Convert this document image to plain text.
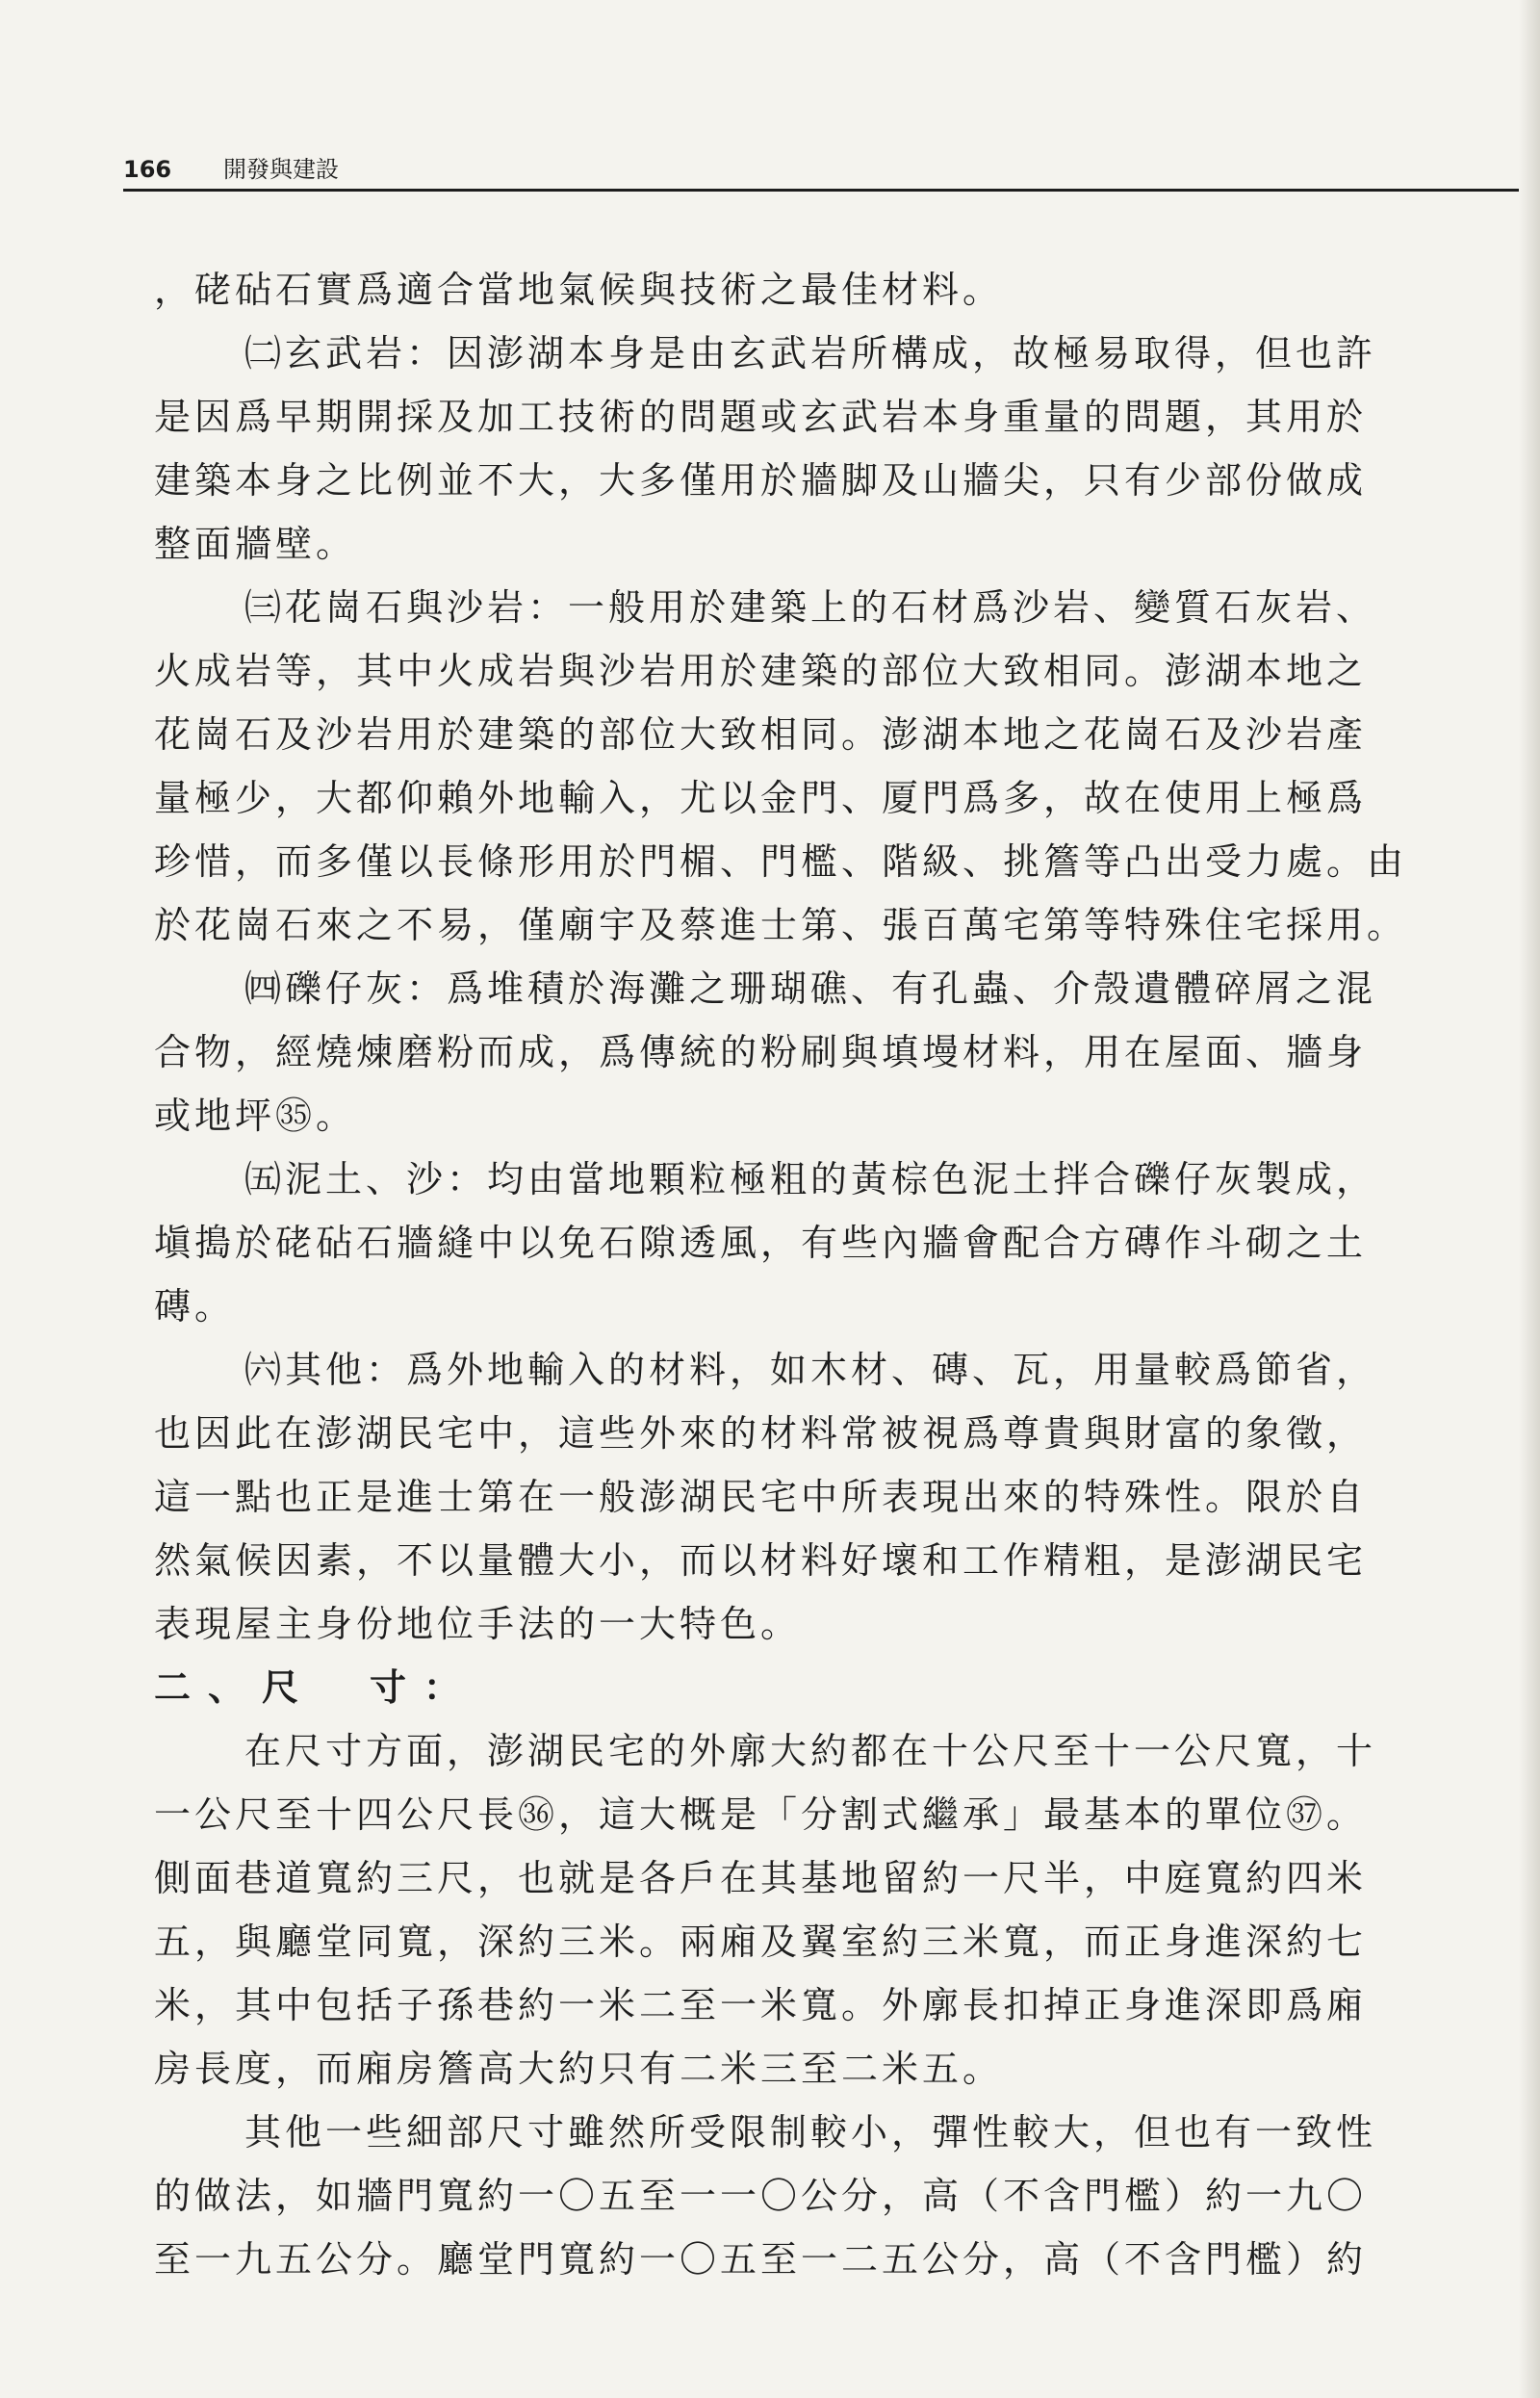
166 開發與建設
，硓砧石實爲適合當地氣候與技術之最佳材料。
㈡玄武岩：因澎湖本身是由玄武岩所構成，故極易取得，但也許
是因爲早期開採及加工技術的問題或玄武岩本身重量的問題，其用於
建築本身之比例並不大，大多僅用於牆脚及山牆尖，只有少部份做成
整面牆壁。
㈢花崗石與沙岩：一般用於建築上的石材爲沙岩、變質石灰岩、
火成岩等，其中火成岩與沙岩用於建築的部位大致相同。澎湖本地之
花崗石及沙岩用於建築的部位大致相同。澎湖本地之花崗石及沙岩產
量極少，大都仰賴外地輸入，尤以金門、厦門爲多，故在使用上極爲
珍惜，而多僅以長條形用於門楣、門檻、階級、挑簷等凸出受力處。由
於花崗石來之不易，僅廟宇及蔡進士第、張百萬宅第等特殊住宅採用。
㈣礫仔灰：爲堆積於海灘之珊瑚礁、有孔蟲、介殼遺體碎屑之混
合物，經燒煉磨粉而成，爲傳統的粉刷與填墁材料，用在屋面、牆身
或地坪㉟。
㈤泥土、沙：均由當地顆粒極粗的黃棕色泥土拌合礫仔灰製成，
塡搗於硓砧石牆縫中以免石隙透風，有些內牆會配合方磚作斗砌之土
磚。
㈥其他：爲外地輸入的材料，如木材、磚、瓦，用量較爲節省，
也因此在澎湖民宅中，這些外來的材料常被視爲尊貴與財富的象徵，
這一點也正是進士第在一般澎湖民宅中所表現出來的特殊性。限於自
然氣候因素，不以量體大小，而以材料好壞和工作精粗，是澎湖民宅
表現屋主身份地位手法的一大特色。
二、尺　寸：
在尺寸方面，澎湖民宅的外廓大約都在十公尺至十一公尺寬，十
一公尺至十四公尺長㊱，這大概是「分割式繼承」最基本的單位㊲。
側面巷道寬約三尺，也就是各戶在其基地留約一尺半，中庭寬約四米
五，與廳堂同寬，深約三米。兩廂及翼室約三米寬，而正身進深約七
米，其中包括子孫巷約一米二至一米寬。外廓長扣掉正身進深即爲廂
房長度，而廂房簷高大約只有二米三至二米五。
其他一些細部尺寸雖然所受限制較小，彈性較大，但也有一致性
的做法，如牆門寬約一〇五至一一〇公分，高（不含門檻）約一九〇
至一九五公分。廳堂門寬約一〇五至一二五公分，高（不含門檻）約
